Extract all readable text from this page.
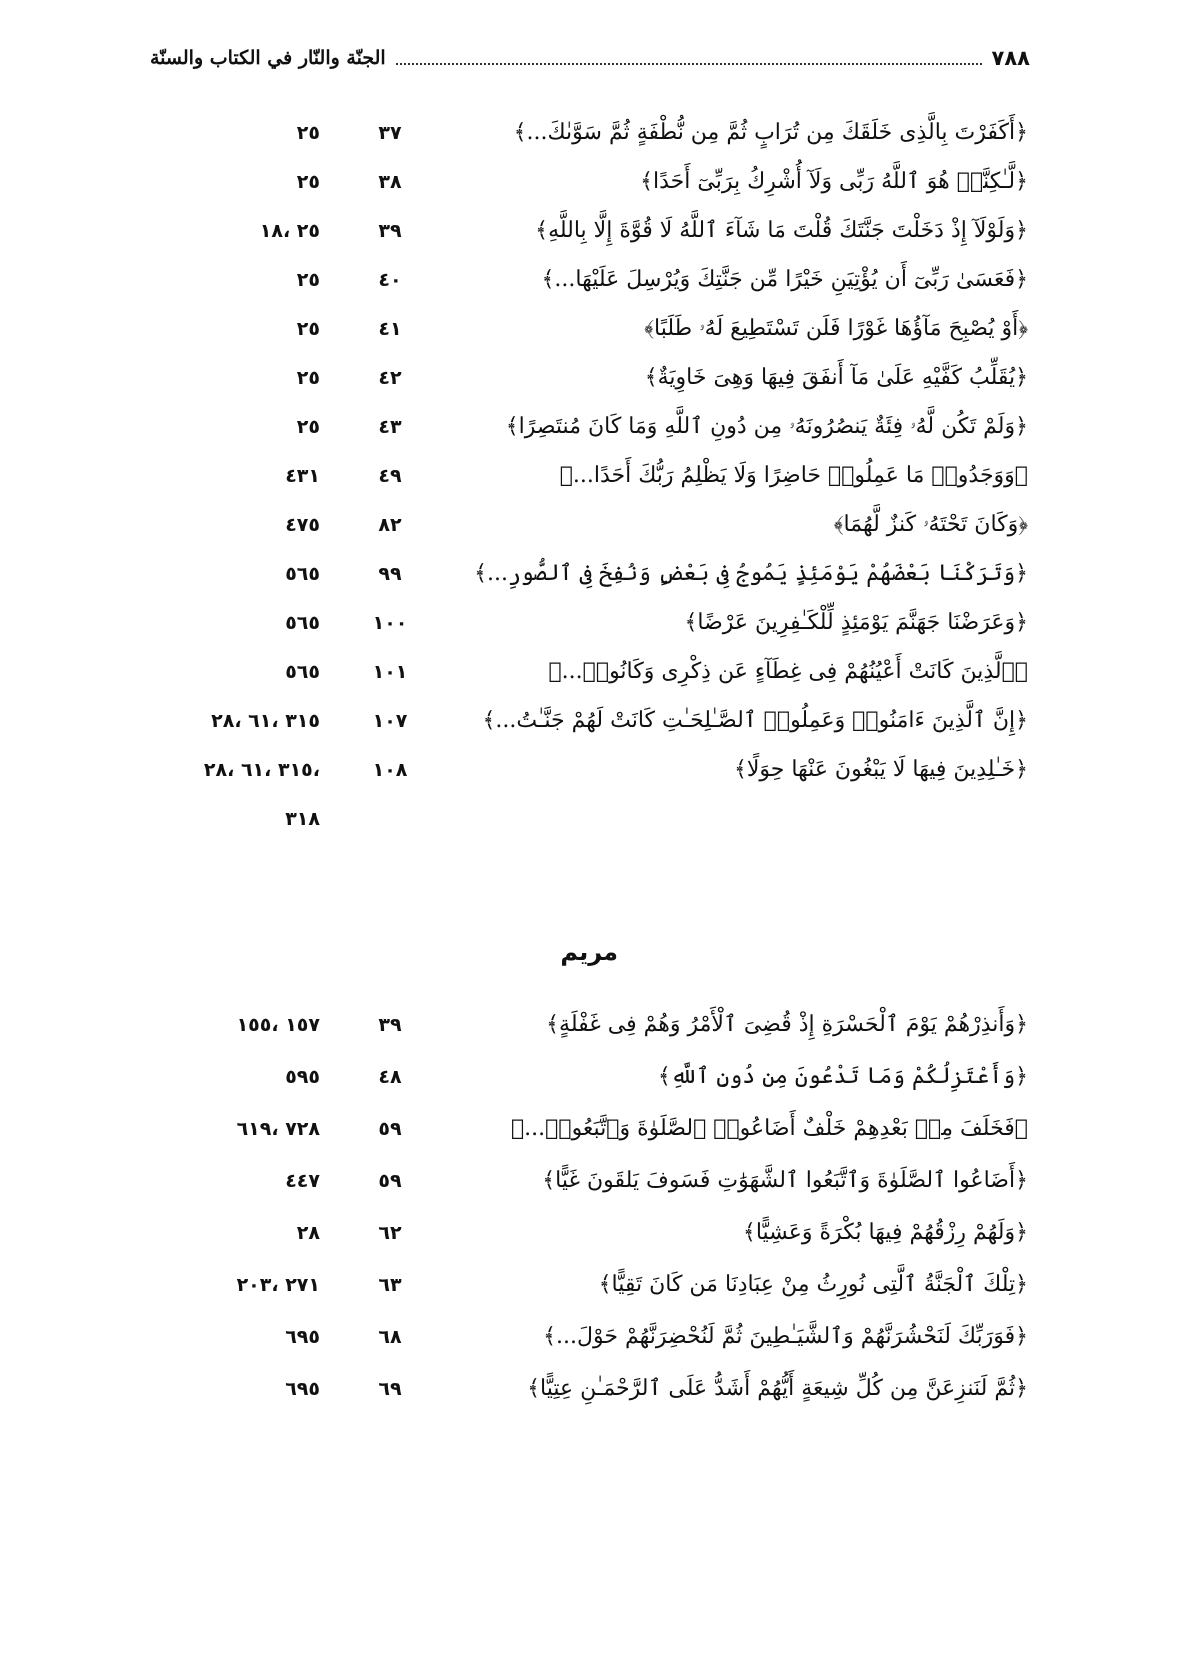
٧٨٨
الجنّة والنّار في الكتاب والسنّة
﴿أَكَفَرْتَ بِالَّذِى خَلَقَكَ مِن تُرَابٍ ثُمَّ مِن نُّطْفَةٍ ثُمَّ سَوَّىٰكَ...﴾
٣٧
٢٥
﴿لَّـٰكِنَّا۠ هُوَ ٱللَّهُ رَبِّى وَلَآ أُشْرِكُ بِرَبِّىٓ أَحَدًا﴾
٣٨
٢٥
﴿وَلَوْلَآ إِذْ دَخَلْتَ جَنَّتَكَ قُلْتَ مَا شَآءَ ٱللَّهُ لَا قُوَّةَ إِلَّا بِاللَّهِ﴾
٣٩
٢٥ ،١٨
﴿فَعَسَىٰ رَبِّىٓ أَن يُؤْتِيَنِ خَيْرًا مِّن جَنَّتِكَ وَيُرْسِلَ عَلَيْهَا...﴾
٤٠
٢٥
﴿أَوْ يُصْبِحَ مَآؤُهَا غَوْرًا فَلَن تَسْتَطِيعَ لَهُۥ طَلَبًا﴾
٤١
٢٥
﴿يُقَلِّبُ كَفَّيْهِ عَلَىٰ مَآ أَنفَقَ فِيهَا وَهِىَ خَاوِيَةٌ﴾
٤٢
٢٥
﴿وَلَمْ تَكُن لَّهُۥ فِئَةٌ يَنصُرُونَهُۥ مِن دُونِ ٱللَّهِ وَمَا كَانَ مُنتَصِرًا﴾
٤٣
٢٥
﴿وَوَجَدُوا۟ مَا عَمِلُوا۟ حَاضِرًا وَلَا يَظْلِمُ رَبُّكَ أَحَدًا...﴾
٤٩
٤٣١
﴿وَكَانَ تَحْتَهُۥ كَنزٌ لَّهُمَا﴾
٨٢
٤٧٥
﴿وَتَرَكْنَا بَعْضَهُمْ يَوْمَئِذٍ يَمُوجُ فِى بَعْضٍ وَنُفِخَ فِى ٱلصُّورِ...﴾
٩٩
٥٦٥
﴿وَعَرَضْنَا جَهَنَّمَ يَوْمَئِذٍ لِّلْكَـٰفِرِينَ عَرْضًا﴾
١٠٠
٥٦٥
﴿ٱلَّذِينَ كَانَتْ أَعْيُنُهُمْ فِى غِطَآءٍ عَن ذِكْرِى وَكَانُوا۟...﴾
١٠١
٥٦٥
﴿إِنَّ ٱلَّذِينَ ءَامَنُوا۟ وَعَمِلُوا۟ ٱلصَّـٰلِحَـٰتِ كَانَتْ لَهُمْ جَنَّـٰتُ...﴾
١٠٧
٣١٥ ،٦١ ،٢٨
﴿خَـٰلِدِينَ فِيهَا لَا يَبْغُونَ عَنْهَا حِوَلًا﴾
١٠٨
،٣١٥ ،٦١ ،٢٨
٣١٨
مريم
﴿وَأَنذِرْهُمْ يَوْمَ ٱلْحَسْرَةِ إِذْ قُضِىَ ٱلْأَمْرُ وَهُمْ فِى غَفْلَةٍ﴾
٣٩
١٥٧ ،١٥٥
﴿وَأَعْتَزِلُكُمْ وَمَا تَدْعُونَ مِن دُونِ ٱللَّهِ﴾
٤٨
٥٩٥
﴿فَخَلَفَ مِنۢ بَعْدِهِمْ خَلْفٌ أَضَاعُوا۟ ٱلصَّلَوٰةَ وَٱتَّبَعُوا۟...﴾
٥٩
٧٢٨ ،٦١٩
﴿أَضَاعُوا ٱلصَّلَوٰةَ وَٱتَّبَعُوا ٱلشَّهَوَٰتِ فَسَوفَ يَلقَونَ غَيًّا﴾
٥٩
٤٤٧
﴿وَلَهُمْ رِزْقُهُمْ فِيهَا بُكْرَةً وَعَشِيًّا﴾
٦٢
٢٨
﴿تِلْكَ ٱلْجَنَّةُ ٱلَّتِى نُورِثُ مِنْ عِبَادِنَا مَن كَانَ تَقِيًّا﴾
٦٣
٢٧١ ،٢٠٣
﴿فَوَرَبِّكَ لَنَحْشُرَنَّهُمْ وَٱلشَّيَـٰطِينَ ثُمَّ لَنُحْضِرَنَّهُمْ حَوْلَ...﴾
٦٨
٦٩٥
﴿ثُمَّ لَنَنزِعَنَّ مِن كُلِّ شِيعَةٍ أَيُّهُمْ أَشَدُّ عَلَى ٱلرَّحْمَـٰنِ عِتِيًّا﴾
٦٩
٦٩٥
